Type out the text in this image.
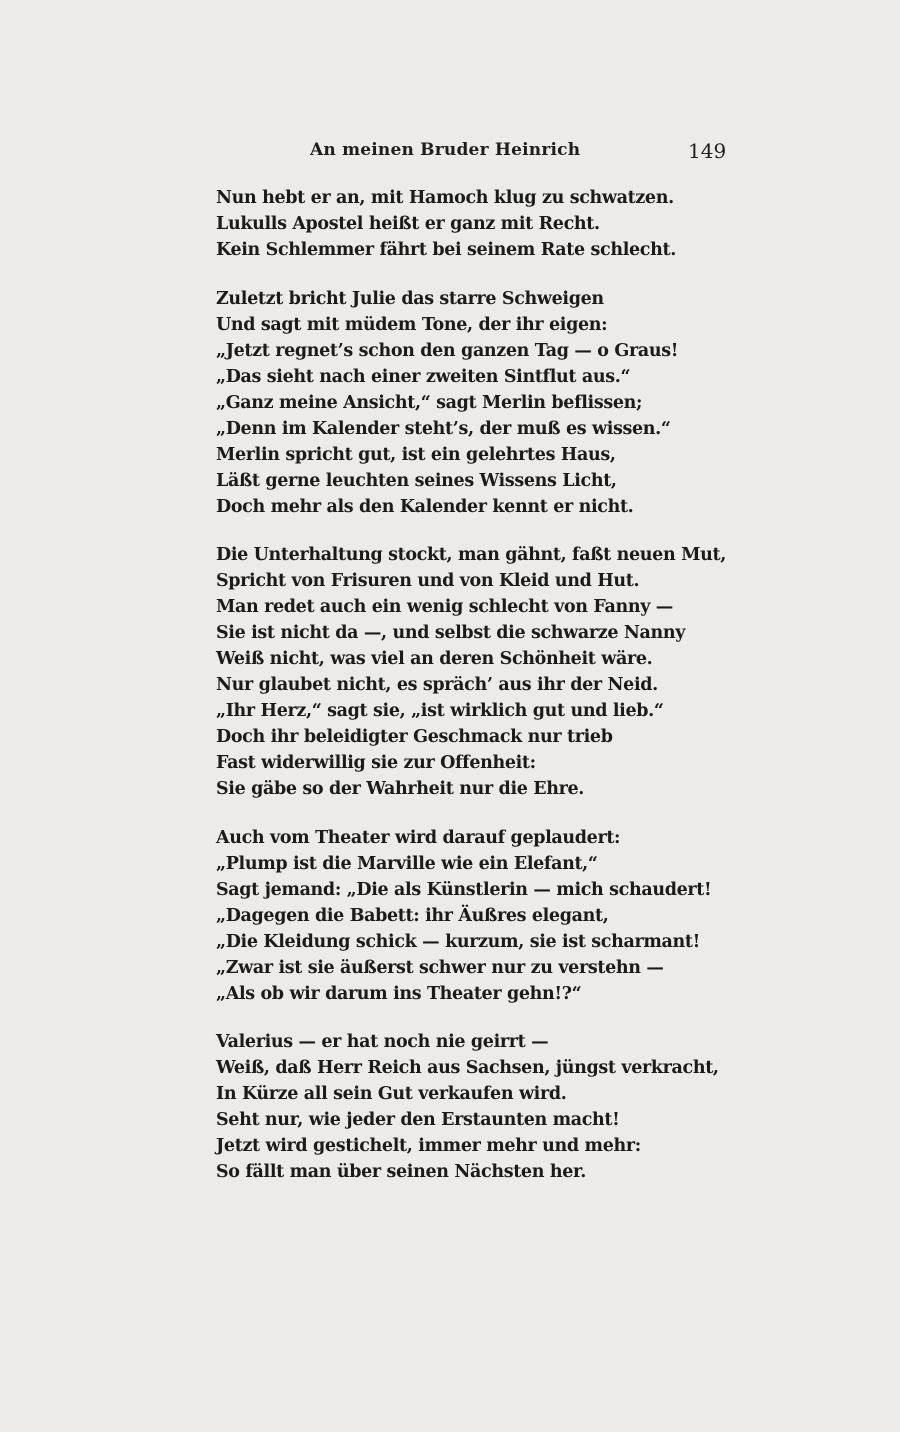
An meinen Bruder Heinrich	149
Nun hebt er an, mit Hamoch klug zu schwatzen.
Lukulls Apostel heißt er ganz mit Recht.
Kein Schlemmer fährt bei seinem Rate schlecht.
Zuletzt bricht Julie das starre Schweigen
Und sagt mit müdem Tone, der ihr eigen:
„Jetzt regnet’s schon den ganzen Tag — o Graus!
„Das sieht nach einer zweiten Sintflut aus.“
„Ganz meine Ansicht,“ sagt Merlin beflissen;
„Denn im Kalender steht’s, der muß es wissen.“
Merlin spricht gut, ist ein gelehrtes Haus,
Läßt gerne leuchten seines Wissens Licht,
Doch mehr als den Kalender kennt er nicht.
Die Unterhaltung stockt, man gähnt, faßt neuen Mut,
Spricht von Frisuren und von Kleid und Hut.
Man redet auch ein wenig schlecht von Fanny —
Sie ist nicht da —, und selbst die schwarze Nanny
Weiß nicht, was viel an deren Schönheit wäre.
Nur glaubet nicht, es spräch’ aus ihr der Neid.
„Ihr Herz,“ sagt sie, „ist wirklich gut und lieb.“
Doch ihr beleidigter Geschmack nur trieb
Fast widerwillig sie zur Offenheit:
Sie gäbe so der Wahrheit nur die Ehre.
Auch vom Theater wird darauf geplaudert:
„Plump ist die Marville wie ein Elefant,“
Sagt jemand: „Die als Künstlerin — mich schaudert!
„Dagegen die Babett: ihr Äußres elegant,
„Die Kleidung schick — kurzum, sie ist scharmant!
„Zwar ist sie äußerst schwer nur zu verstehn —
„Als ob wir darum ins Theater gehn!?“
Valerius — er hat noch nie geirrt —
Weiß, daß Herr Reich aus Sachsen, jüngst verkracht,
In Kürze all sein Gut verkaufen wird.
Seht nur, wie jeder den Erstaunten macht!
Jetzt wird gestichelt, immer mehr und mehr:
So fällt man über seinen Nächsten her.
